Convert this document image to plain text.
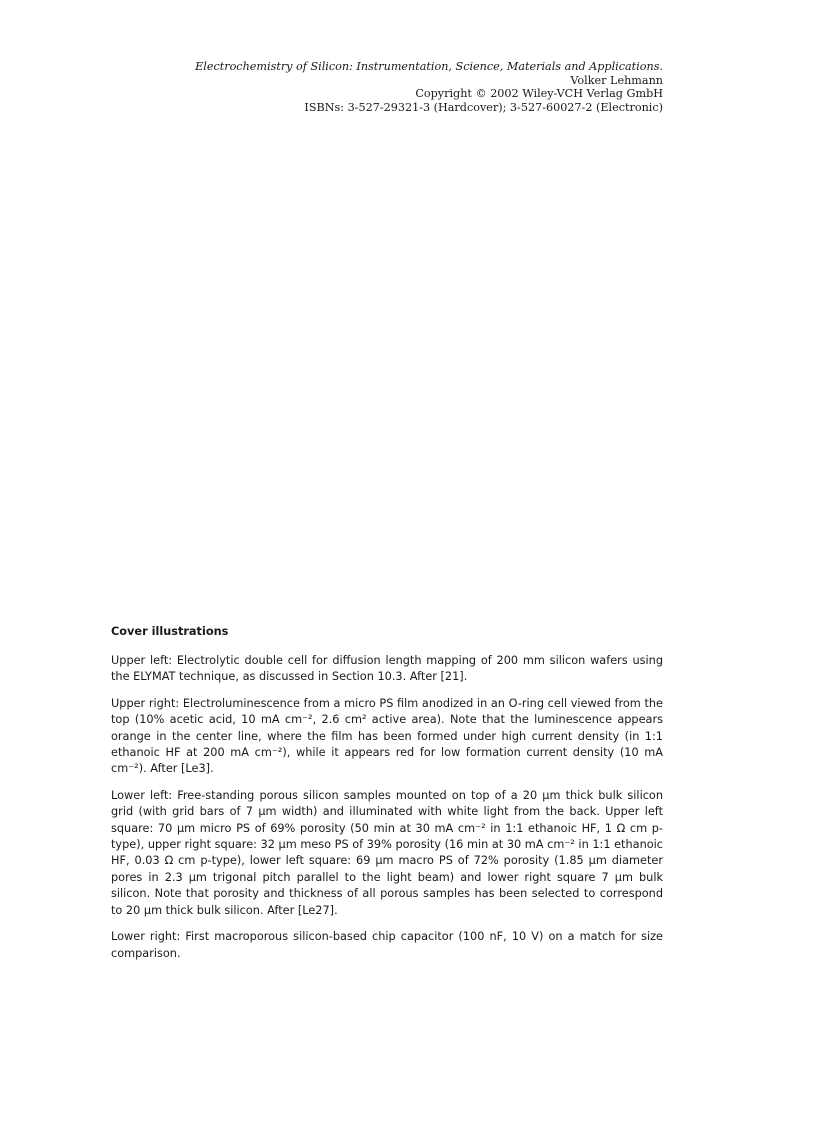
Electrochemistry of Silicon: Instrumentation, Science, Materials and Applications.
Volker Lehmann
Copyright © 2002 Wiley-VCH Verlag GmbH
ISBNs: 3-527-29321-3 (Hardcover); 3-527-60027-2 (Electronic)
Cover illustrations

Upper left: Electrolytic double cell for diffusion length mapping of 200 mm silicon wafers using the ELYMAT technique, as discussed in Section 10.3. After [21].

Upper right: Electroluminescence from a micro PS film anodized in an O-ring cell viewed from the top (10% acetic acid, 10 mA cm⁻², 2.6 cm² active area). Note that the luminescence appears orange in the center line, where the film has been formed under high current density (in 1:1 ethanoic HF at 200 mA cm⁻²), while it appears red for low formation current density (10 mA cm⁻²). After [Le3].

Lower left: Free-standing porous silicon samples mounted on top of a 20 µm thick bulk silicon grid (with grid bars of 7 µm width) and illuminated with white light from the back. Upper left square: 70 µm micro PS of 69% porosity (50 min at 30 mA cm⁻² in 1:1 ethanoic HF, 1 Ω cm p-type), upper right square: 32 µm meso PS of 39% porosity (16 min at 30 mA cm⁻² in 1:1 ethanoic HF, 0.03 Ω cm p-type), lower left square: 69 µm macro PS of 72% porosity (1.85 µm diameter pores in 2.3 µm trigonal pitch parallel to the light beam) and lower right square 7 µm bulk silicon. Note that porosity and thickness of all porous samples has been selected to correspond to 20 µm thick bulk silicon. After [Le27].

Lower right: First macroporous silicon-based chip capacitor (100 nF, 10 V) on a match for size comparison.
